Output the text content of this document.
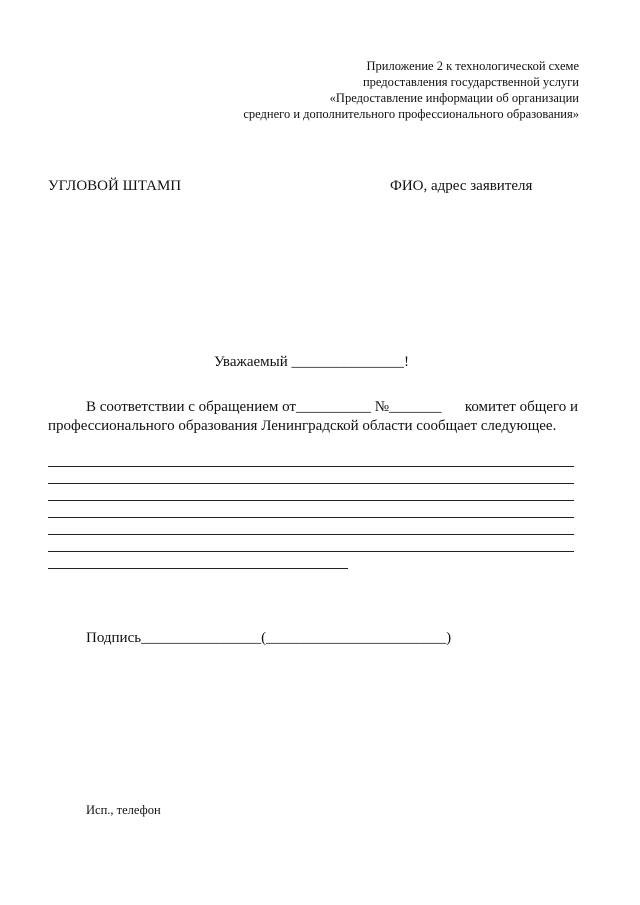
Приложение 2 к технологической схеме
предоставления государственной услуги
«Предоставление информации об организации
среднего и дополнительного профессионального образования»
УГЛОВОЙ ШТАМП	ФИО, адрес заявителя
Уважаемый _______________!
В соответствии с обращением от__________ №_______ комитет общего и
профессионального образования Ленинградской области сообщает следующее.
Подпись________________(________________________)
Исп., телефон
